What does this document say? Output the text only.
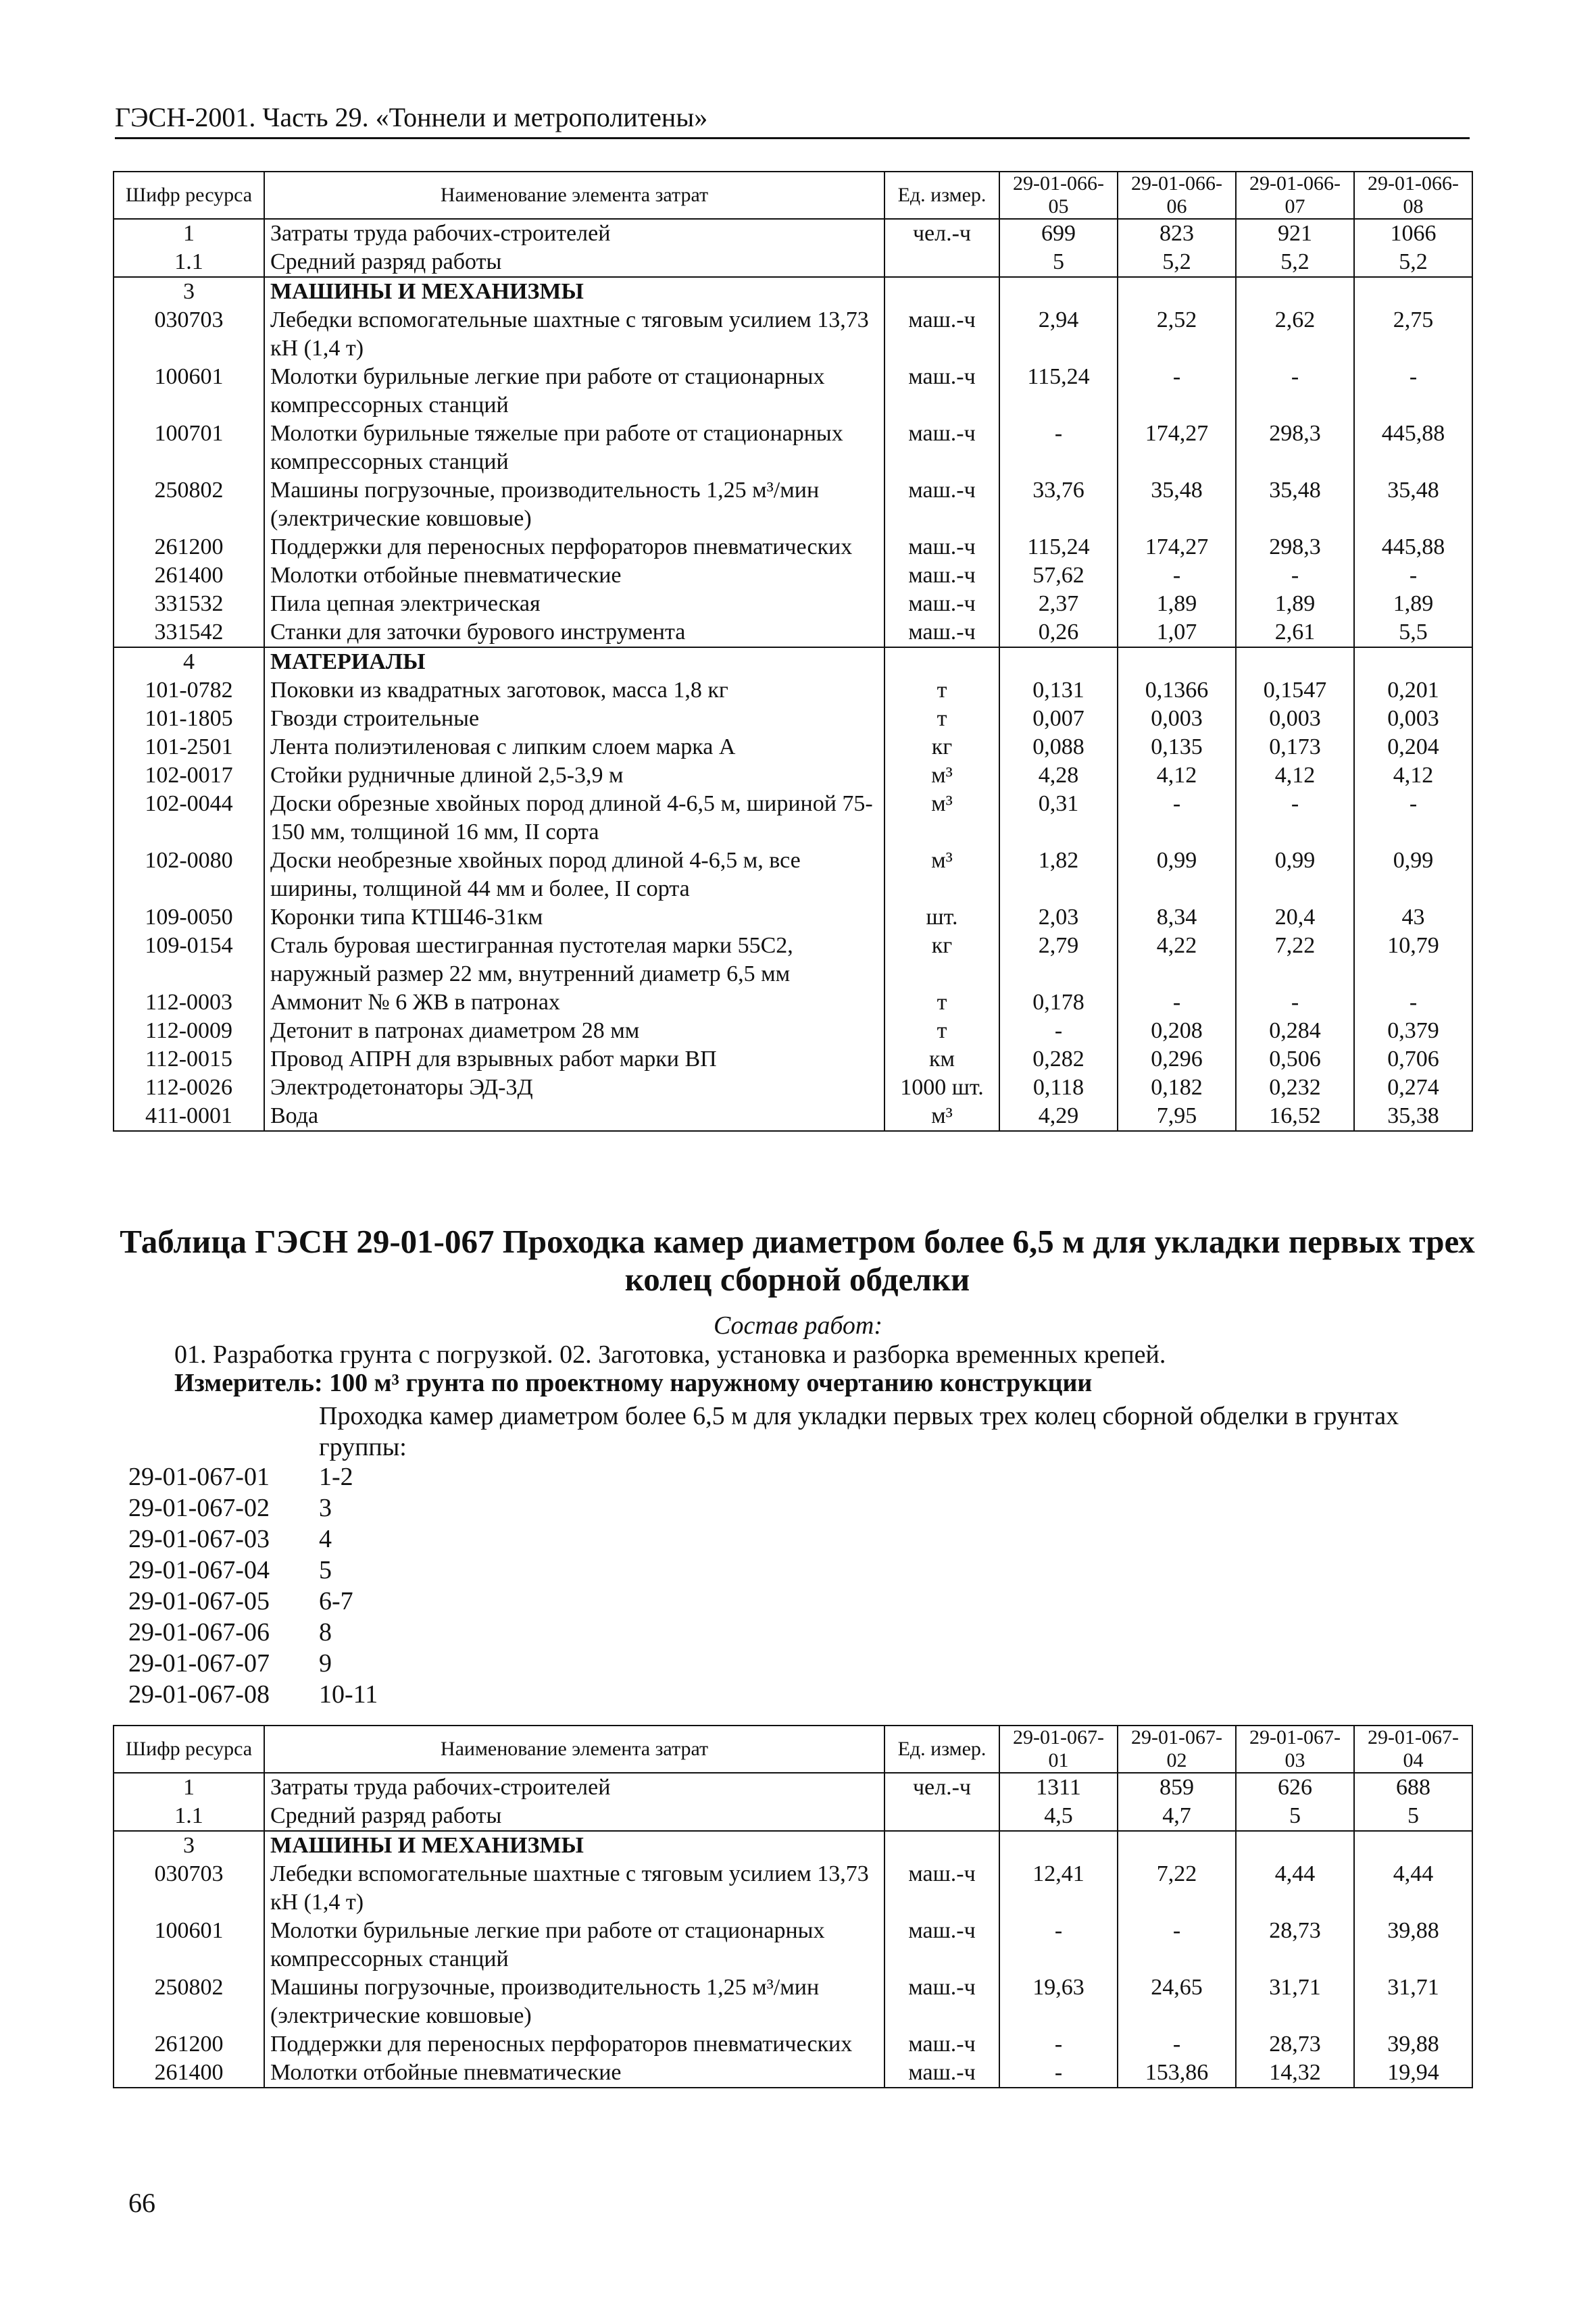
ГЭСН-2001. Часть 29. «Тоннели и метрополитены»
Шифр ресурса	Наименование элемента затрат	Ед. измер.	29-01-066-05	29-01-066-06	29-01-066-07	29-01-066-08
1	Затраты труда рабочих-строителей	чел.-ч	699	823	921	1066
1.1	Средний разряд работы		5	5,2	5,2	5,2
3	МАШИНЫ И МЕХАНИЗМЫ					
030703	Лебедки вспомогательные шахтные с тяговым усилием 13,73 кН (1,4 т)	маш.-ч	2,94	2,52	2,62	2,75
100601	Молотки бурильные легкие при работе от стационарных компрессорных станций	маш.-ч	115,24	-	-	-
100701	Молотки бурильные тяжелые при работе от стационарных компрессорных станций	маш.-ч	-	174,27	298,3	445,88
250802	Машины погрузочные, производительность 1,25 м³/мин (электрические ковшовые)	маш.-ч	33,76	35,48	35,48	35,48
261200	Поддержки для переносных перфораторов пневматических	маш.-ч	115,24	174,27	298,3	445,88
261400	Молотки отбойные пневматические	маш.-ч	57,62	-	-	-
331532	Пила цепная электрическая	маш.-ч	2,37	1,89	1,89	1,89
331542	Станки для заточки бурового инструмента	маш.-ч	0,26	1,07	2,61	5,5
4	МАТЕРИАЛЫ					
101-0782	Поковки из квадратных заготовок, масса 1,8 кг	т	0,131	0,1366	0,1547	0,201
101-1805	Гвозди строительные	т	0,007	0,003	0,003	0,003
101-2501	Лента полиэтиленовая с липким слоем марка А	кг	0,088	0,135	0,173	0,204
102-0017	Стойки рудничные длиной 2,5-3,9 м	м³	4,28	4,12	4,12	4,12
102-0044	Доски обрезные хвойных пород длиной 4-6,5 м, шириной 75-150 мм, толщиной 16 мм, II сорта	м³	0,31	-	-	-
102-0080	Доски необрезные хвойных пород длиной 4-6,5 м, все ширины, толщиной 44 мм и более, II сорта	м³	1,82	0,99	0,99	0,99
109-0050	Коронки типа КТШ46-31км	шт.	2,03	8,34	20,4	43
109-0154	Сталь буровая шестигранная пустотелая марки 55С2, наружный размер 22 мм, внутренний диаметр 6,5 мм	кг	2,79	4,22	7,22	10,79
112-0003	Аммонит № 6 ЖВ в патронах	т	0,178	-	-	-
112-0009	Детонит в патронах диаметром 28 мм	т	-	0,208	0,284	0,379
112-0015	Провод АПРН для взрывных работ марки ВП	км	0,282	0,296	0,506	0,706
112-0026	Электродетонаторы ЭД-3Д	1000 шт.	0,118	0,182	0,232	0,274
411-0001	Вода	м³	4,29	7,95	16,52	35,38
Таблица ГЭСН 29-01-067 Проходка камер диаметром более 6,5 м для укладки первых трех колец сборной обделки
Состав работ:
01. Разработка грунта с погрузкой. 02. Заготовка, установка и разборка временных крепей.
Измеритель: 100 м³ грунта по проектному наружному очертанию конструкции
Проходка камер диаметром более 6,5 м для укладки первых трех колец сборной обделки в грунтах группы:
29-01-067-01	1-2
29-01-067-02	3
29-01-067-03	4
29-01-067-04	5
29-01-067-05	6-7
29-01-067-06	8
29-01-067-07	9
29-01-067-08	10-11
Шифр ресурса	Наименование элемента затрат	Ед. измер.	29-01-067-01	29-01-067-02	29-01-067-03	29-01-067-04
1	Затраты труда рабочих-строителей	чел.-ч	1311	859	626	688
1.1	Средний разряд работы		4,5	4,7	5	5
3	МАШИНЫ И МЕХАНИЗМЫ					
030703	Лебедки вспомогательные шахтные с тяговым усилием 13,73 кН (1,4 т)	маш.-ч	12,41	7,22	4,44	4,44
100601	Молотки бурильные легкие при работе от стационарных компрессорных станций	маш.-ч	-	-	28,73	39,88
250802	Машины погрузочные, производительность 1,25 м³/мин (электрические ковшовые)	маш.-ч	19,63	24,65	31,71	31,71
261200	Поддержки для переносных перфораторов пневматических	маш.-ч	-	-	28,73	39,88
261400	Молотки отбойные пневматические	маш.-ч	-	153,86	14,32	19,94
66
